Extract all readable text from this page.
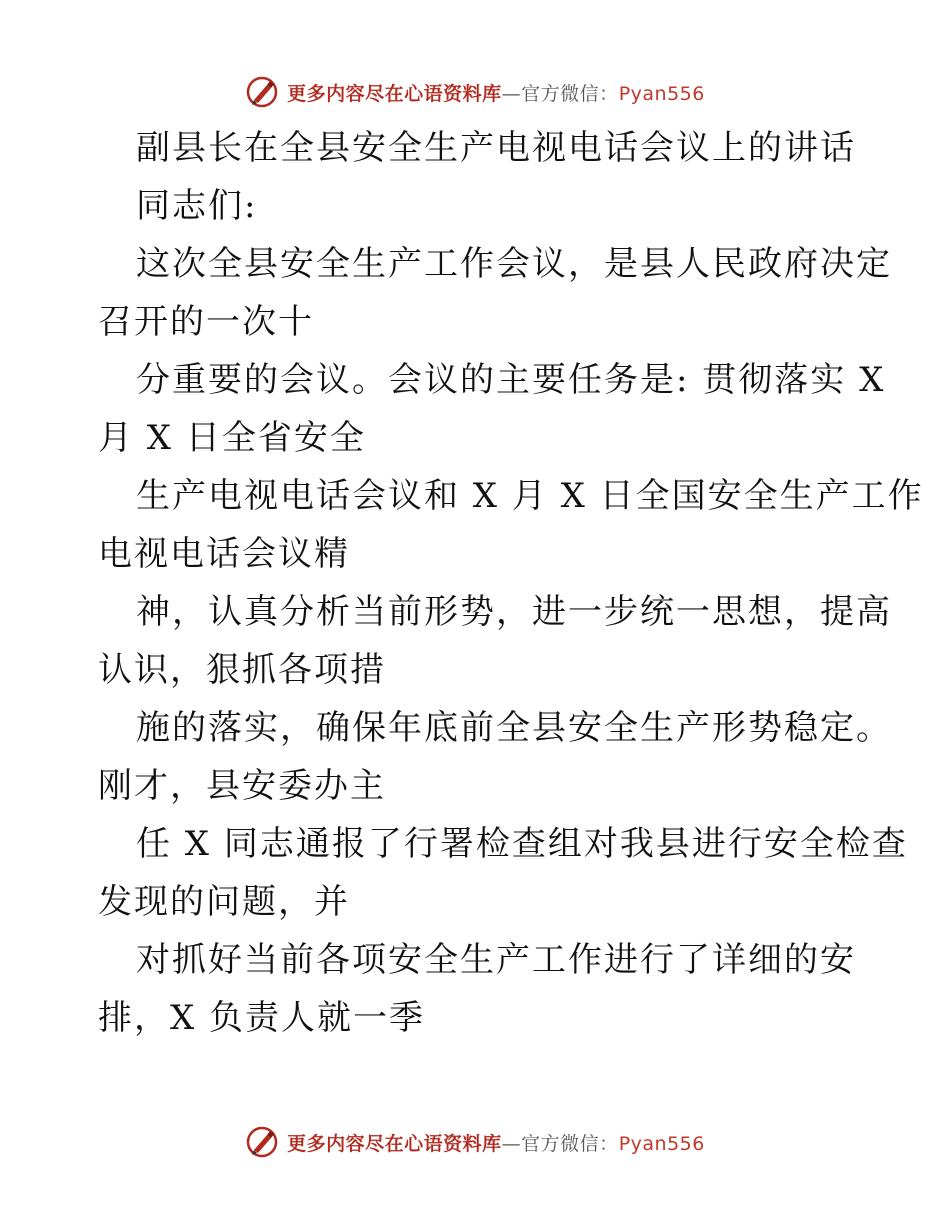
更多内容尽在心语资料库—官方微信：Pyan556
副县长在全县安全生产电视电话会议上的讲话
同志们:
这次全县安全生产工作会议，是县人民政府决定
召开的一次十
分重要的会议。会议的主要任务是: 贯彻落实 X
月 X 日全省安全
生产电视电话会议和 X 月 X 日全国安全生产工作
电视电话会议精
神，认真分析当前形势，进一步统一思想，提高
认识，狠抓各项措
施的落实，确保年底前全县安全生产形势稳定。
刚才，县安委办主
任 X 同志通报了行署检查组对我县进行安全检查
发现的问题，并
对抓好当前各项安全生产工作进行了详细的安
排，X 负责人就一季
更多内容尽在心语资料库—官方微信：Pyan556
